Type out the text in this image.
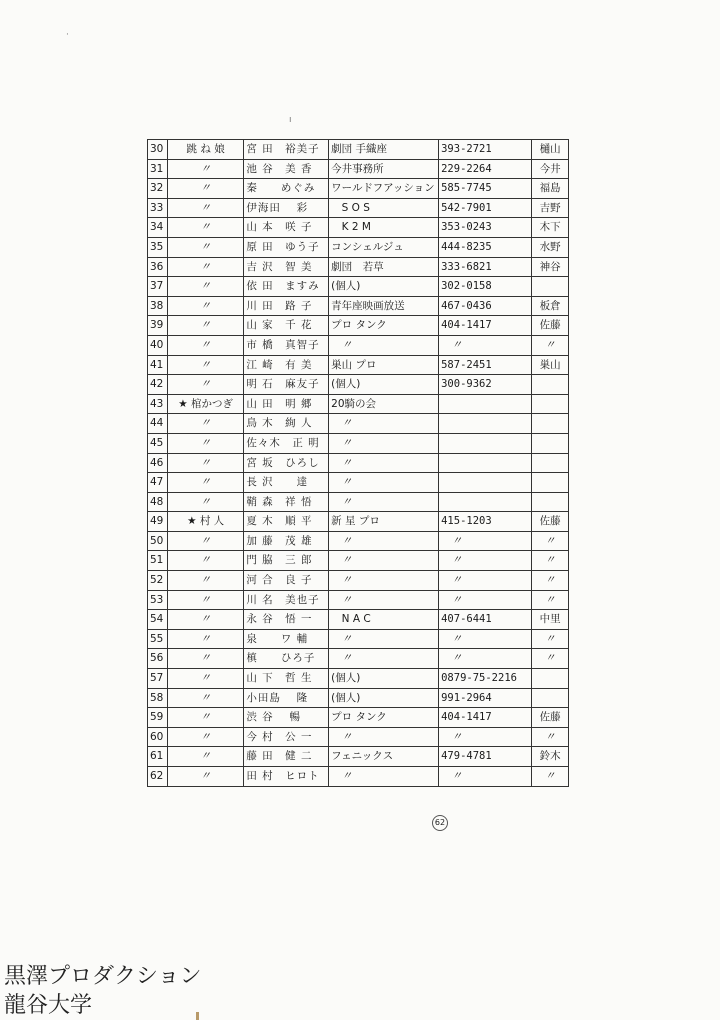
·
ı
30	跳 ね 娘	宮 田　裕美子	劇団 手織座	393-2721	樋山
31	〃	池 谷　美 香	今井事務所	229-2264	今井
32	〃	秦　　めぐみ	ワールドフアッション	585-7745	福島
33	〃	伊海田　 彩	　S O S	542-7901	吉野
34	〃	山 本　咲 子	　K 2 M	353-0243	木下
35	〃	原 田　ゆう子	コンシェルジュ	444-8235	水野
36	〃	吉 沢　智 美	劇団　若草	333-6821	神谷
37	〃	依 田　ますみ	(個人)	302-0158	
38	〃	川 田　路 子	青年座映画放送	467-0436	板倉
39	〃	山 家　千 花	プロ タンク	404-1417	佐藤
40	〃	市 橋　真智子	　〃	　〃	〃
41	〃	江 崎　有 美	巣山 プロ	587-2451	巣山
42	〃	明 石　麻友子	(個人)	300-9362	
43	★ 棺かつぎ	山 田　明 郷	20騎の会		
44	〃	鳥 木　絢 人	　〃		
45	〃	佐々木　正 明	　〃		
46	〃	宮 坂　ひろし	　〃		
47	〃	長 沢　　達	　〃		
48	〃	鞘 森　祥 悟	　〃		
49	★ 村 人	夏 木　順 平	新 星 プロ	415-1203	佐藤
50	〃	加 藤　茂 雄	　〃	　〃	〃
51	〃	門 脇　三 郎	　〃	　〃	〃
52	〃	河 合　良 子	　〃	　〃	〃
53	〃	川 名　美也子	　〃	　〃	〃
54	〃	永 谷　悟 一	　N A C	407-6441	中里
55	〃	泉　　ワ 輔	　〃	　〃	〃
56	〃	槙　　ひろ子	　〃	　〃	〃
57	〃	山 下　哲 生	(個人)	0879-75-2216	
58	〃	小田島　 隆	(個人)	991-2964	
59	〃	渋 谷　 暢	プロ タンク	404-1417	佐藤
60	〃	今 村　公 一	　〃	　〃	〃
61	〃	藤 田　健 二	フェニックス	479-4781	鈴木
62	〃	田 村　ヒロト	　〃	　〃	〃
62
黒澤プロダクション
龍谷大学
